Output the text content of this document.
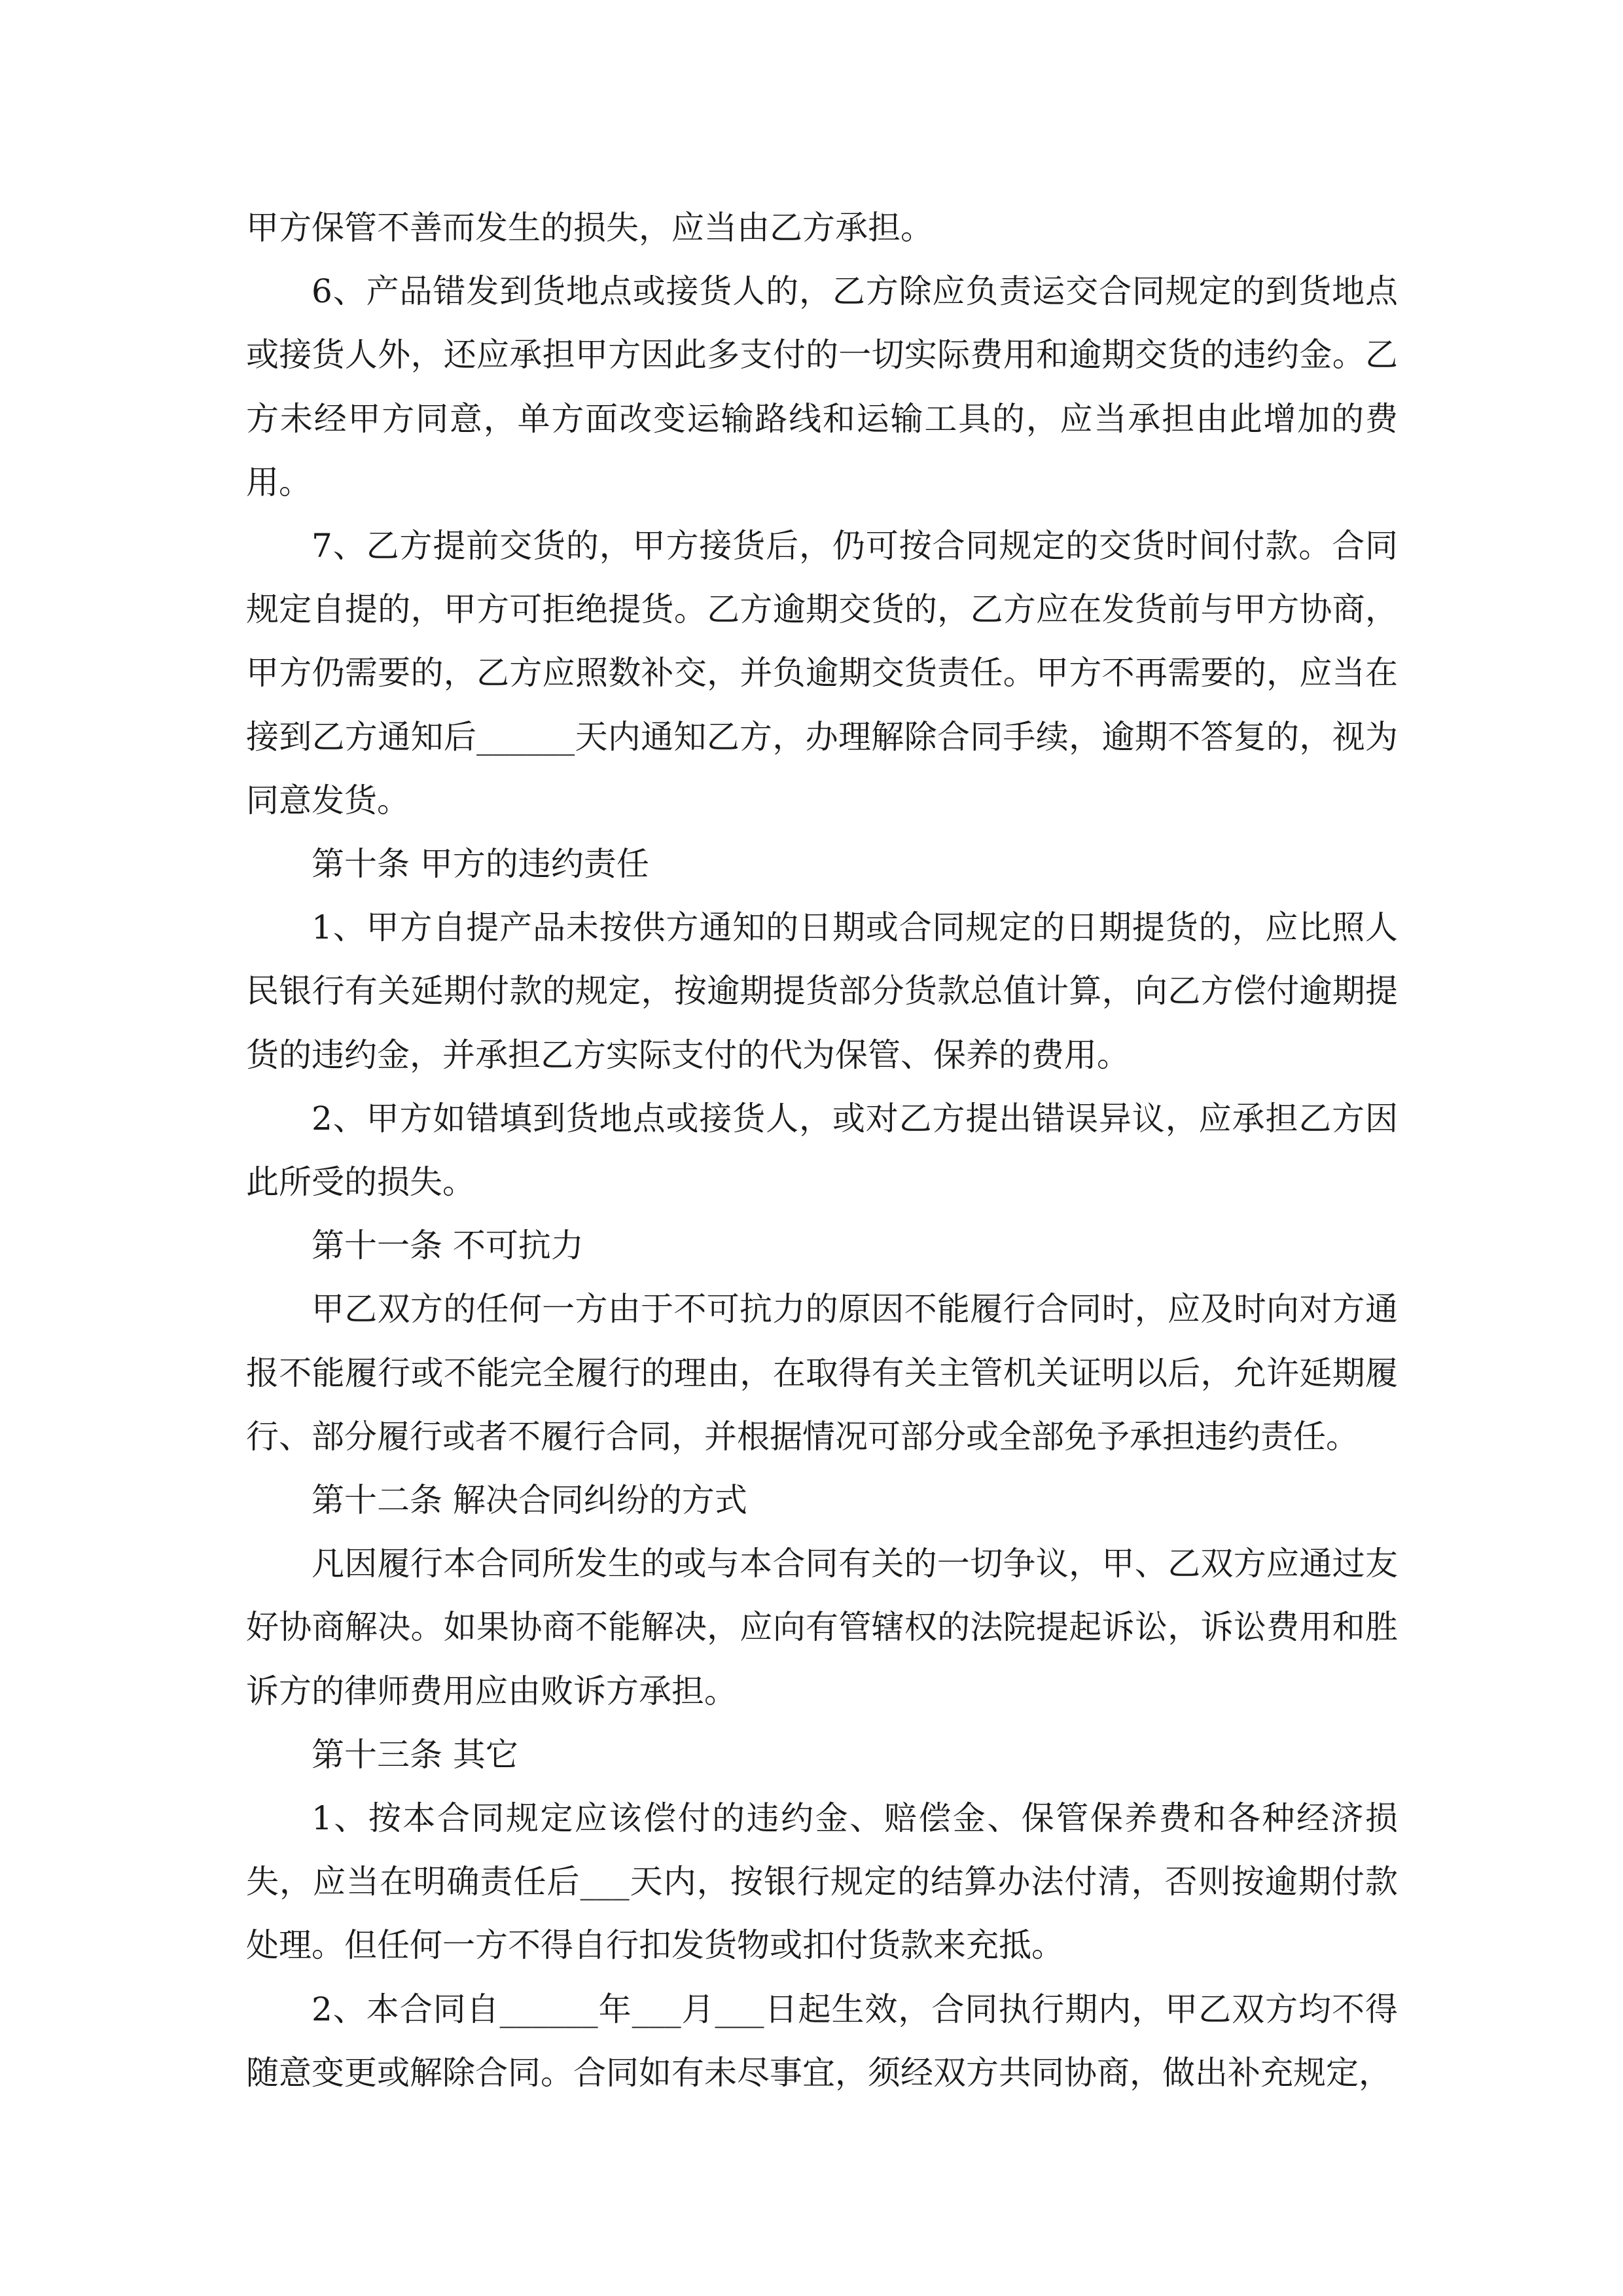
甲方保管不善而发生的损失，应当由乙方承担。

6、产品错发到货地点或接货人的，乙方除应负责运交合同规定的到货地点或接货人外，还应承担甲方因此多支付的一切实际费用和逾期交货的违约金。乙方未经甲方同意，单方面改变运输路线和运输工具的，应当承担由此增加的费用。

7、乙方提前交货的，甲方接货后，仍可按合同规定的交货时间付款。合同规定自提的，甲方可拒绝提货。乙方逾期交货的，乙方应在发货前与甲方协商，甲方仍需要的，乙方应照数补交，并负逾期交货责任。甲方不再需要的，应当在接到乙方通知后______天内通知乙方，办理解除合同手续，逾期不答复的，视为同意发货。

第十条 甲方的违约责任

1、甲方自提产品未按供方通知的日期或合同规定的日期提货的，应比照人民银行有关延期付款的规定，按逾期提货部分货款总值计算，向乙方偿付逾期提货的违约金，并承担乙方实际支付的代为保管、保养的费用。

2、甲方如错填到货地点或接货人，或对乙方提出错误异议，应承担乙方因此所受的损失。

第十一条 不可抗力

甲乙双方的任何一方由于不可抗力的原因不能履行合同时，应及时向对方通报不能履行或不能完全履行的理由，在取得有关主管机关证明以后，允许延期履行、部分履行或者不履行合同，并根据情况可部分或全部免予承担违约责任。

第十二条 解决合同纠纷的方式

凡因履行本合同所发生的或与本合同有关的一切争议，甲、乙双方应通过友好协商解决。如果协商不能解决，应向有管辖权的法院提起诉讼，诉讼费用和胜诉方的律师费用应由败诉方承担。

第十三条 其它

1、按本合同规定应该偿付的违约金、赔偿金、保管保养费和各种经济损失，应当在明确责任后___天内，按银行规定的结算办法付清，否则按逾期付款处理。但任何一方不得自行扣发货物或扣付货款来充抵。

2、本合同自______年___月___日起生效，合同执行期内，甲乙双方均不得随意变更或解除合同。合同如有未尽事宜，须经双方共同协商，做出补充规定，
